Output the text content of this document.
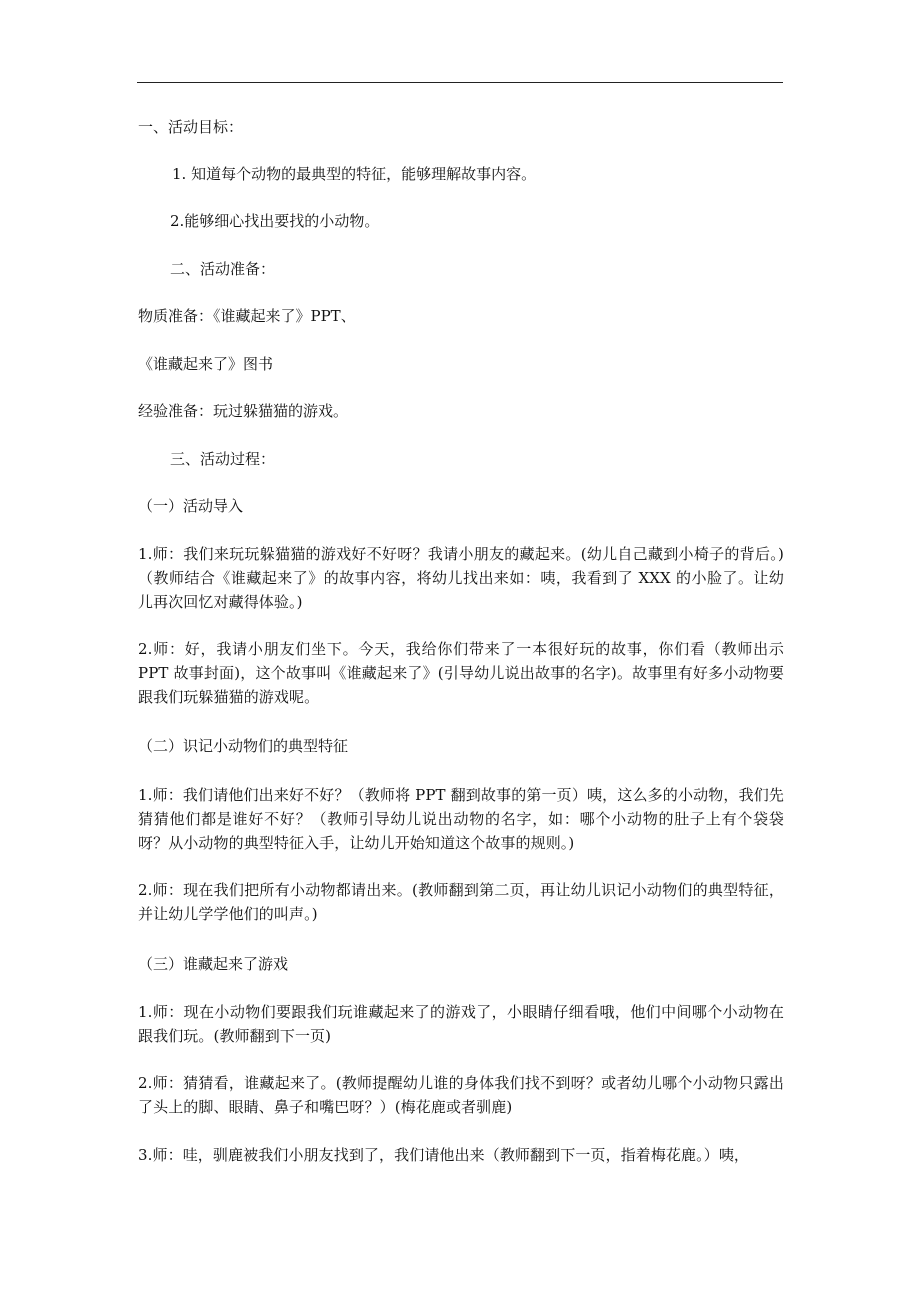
一、活动目标：

1. 知道每个动物的最典型的特征，能够理解故事内容。

2.能够细心找出要找的小动物。

二、活动准备：

物质准备：《谁藏起来了》PPT、

《谁藏起来了》图书

经验准备：玩过躲猫猫的游戏。

三、活动过程：

（一）活动导入

1.师：我们来玩玩躲猫猫的游戏好不好呀？我请小朋友的藏起来。(幼儿自己藏到小椅子的背后。)（教师结合《谁藏起来了》的故事内容，将幼儿找出来如：咦，我看到了 XXX 的小脸了。让幼儿再次回忆对藏得体验。)

2.师：好，我请小朋友们坐下。今天，我给你们带来了一本很好玩的故事，你们看（教师出示 PPT 故事封面)，这个故事叫《谁藏起来了》(引导幼儿说出故事的名字)。故事里有好多小动物要跟我们玩躲猫猫的游戏呢。

（二）识记小动物们的典型特征

1.师：我们请他们出来好不好？（教师将 PPT 翻到故事的第一页）咦，这么多的小动物，我们先猜猜他们都是谁好不好？（教师引导幼儿说出动物的名字，如：哪个小动物的肚子上有个袋袋呀？从小动物的典型特征入手，让幼儿开始知道这个故事的规则。)

2.师：现在我们把所有小动物都请出来。(教师翻到第二页，再让幼儿识记小动物们的典型特征，并让幼儿学学他们的叫声。)

（三）谁藏起来了游戏

1.师：现在小动物们要跟我们玩谁藏起来了的游戏了，小眼睛仔细看哦，他们中间哪个小动物在跟我们玩。(教师翻到下一页)

2.师：猜猜看，谁藏起来了。(教师提醒幼儿谁的身体我们找不到呀？或者幼儿哪个小动物只露出了头上的脚、眼睛、鼻子和嘴巴呀？）(梅花鹿或者驯鹿)

3.师：哇，驯鹿被我们小朋友找到了，我们请他出来（教师翻到下一页，指着梅花鹿。）咦，
